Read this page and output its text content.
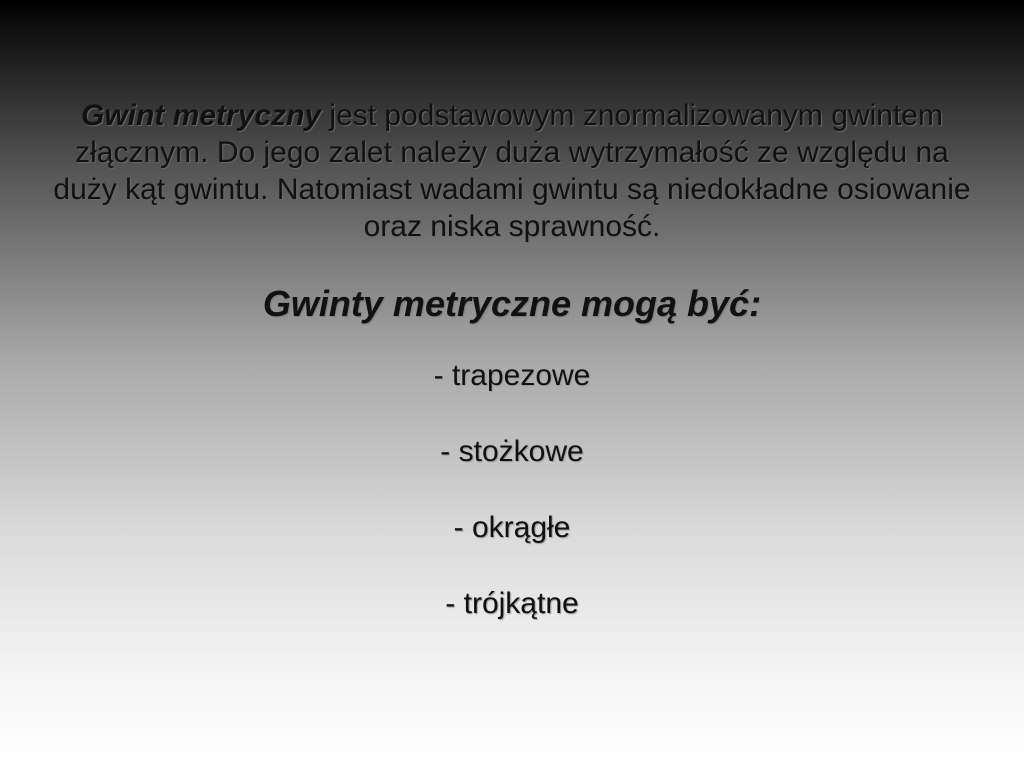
Gwint metryczny jest podstawowym znormalizowanym gwintem złącznym. Do jego zalet należy duża wytrzymałość ze względu na duży kąt gwintu. Natomiast wadami gwintu są niedokładne osiowanie oraz niska sprawność.

Gwinty metryczne mogą być:
- trapezowe
- stożkowe
- okrągłe
- trójkątne
